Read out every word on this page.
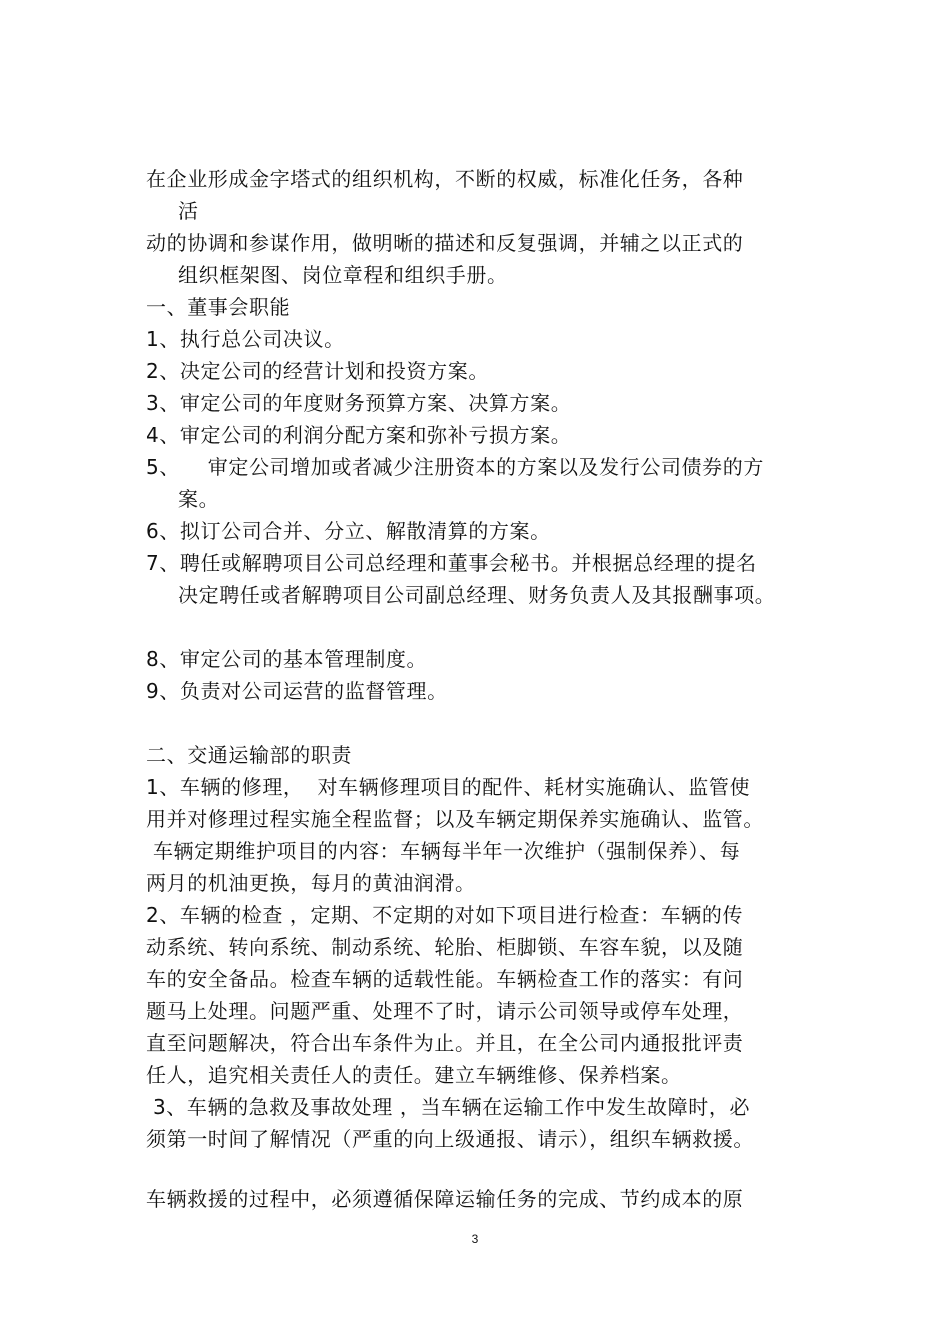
在企业形成金字塔式的组织机构，不断的权威，标准化任务，各种
活
动的协调和参谋作用，做明晰的描述和反复强调，并辅之以正式的
组织框架图、岗位章程和组织手册。
一、董事会职能
1、执行总公司决议。
2、决定公司的经营计划和投资方案。
3、审定公司的年度财务预算方案、决算方案。
4、审定公司的利润分配方案和弥补亏损方案。
5、    审定公司增加或者减少注册资本的方案以及发行公司债券的方
案。
6、拟订公司合并、分立、解散清算的方案。
7、聘任或解聘项目公司总经理和董事会秘书。并根据总经理的提名
决定聘任或者解聘项目公司副总经理、财务负责人及其报酬事项。
8、审定公司的基本管理制度。
9、负责对公司运营的监督管理。
二、交通运输部的职责
1、车辆的修理，  对车辆修理项目的配件、耗材实施确认、监管使
用并对修理过程实施全程监督；以及车辆定期保养实施确认、监管。
车辆定期维护项目的内容：车辆每半年一次维护（强制保养）、每
两月的机油更换，每月的黄油润滑。
2、车辆的检查 ，定期、不定期的对如下项目进行检查：车辆的传
动系统、转向系统、制动系统、轮胎、柜脚锁、车容车貌，以及随
车的安全备品。检查车辆的适载性能。车辆检查工作的落实：有问
题马上处理。问题严重、处理不了时，请示公司领导或停车处理，
直至问题解决，符合出车条件为止。并且，在全公司内通报批评责
任人，追究相关责任人的责任。建立车辆维修、保养档案。
3、车辆的急救及事故处理 ，当车辆在运输工作中发生故障时，必
须第一时间了解情况（严重的向上级通报、请示），组织车辆救援。
车辆救援的过程中，必须遵循保障运输任务的完成、节约成本的原
3
